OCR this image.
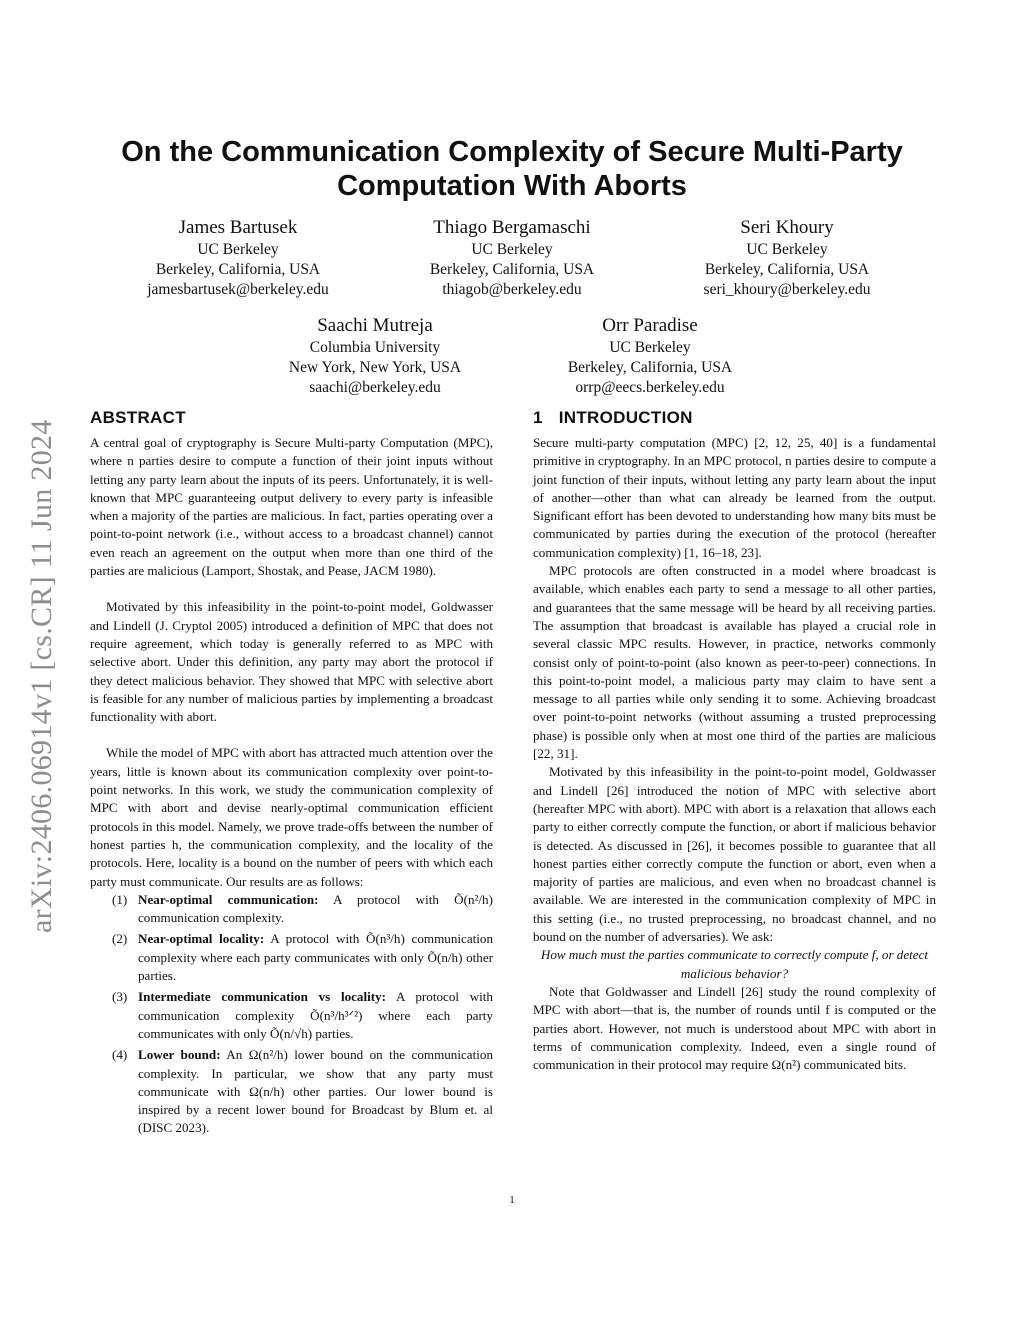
arXiv:2406.06914v1 [cs.CR] 11 Jun 2024
On the Communication Complexity of Secure Multi-Party Computation With Aborts
James Bartusek
UC Berkeley
Berkeley, California, USA
jamesbartusek@berkeley.edu
Thiago Bergamaschi
UC Berkeley
Berkeley, California, USA
thiagob@berkeley.edu
Seri Khoury
UC Berkeley
Berkeley, California, USA
seri_khoury@berkeley.edu
Saachi Mutreja
Columbia University
New York, New York, USA
saachi@berkeley.edu
Orr Paradise
UC Berkeley
Berkeley, California, USA
orrp@eecs.berkeley.edu
ABSTRACT	1 INTRODUCTION

A central goal of cryptography is Secure Multi-party Computation (MPC), where n parties desire to compute a function of their joint inputs without letting any party learn about the inputs of its peers. Unfortunately, it is well-known that MPC guaranteeing output delivery to every party is infeasible when a majority of the parties are malicious. In fact, parties operating over a point-to-point network (i.e., without access to a broadcast channel) cannot even reach an agreement on the output when more than one third of the parties are malicious (Lamport, Shostak, and Pease, JACM 1980).

Motivated by this infeasibility in the point-to-point model, Goldwasser and Lindell (J. Cryptol 2005) introduced a definition of MPC that does not require agreement, which today is generally referred to as MPC with selective abort. Under this definition, any party may abort the protocol if they detect malicious behavior. They showed that MPC with selective abort is feasible for any number of malicious parties by implementing a broadcast functionality with abort.

While the model of MPC with abort has attracted much attention over the years, little is known about its communication complexity over point-to-point networks. In this work, we study the communication complexity of MPC with abort and devise nearly-optimal communication efficient protocols in this model. Namely, we prove trade-offs between the number of honest parties h, the communication complexity, and the locality of the protocols. Here, locality is a bound on the number of peers with which each party must communicate. Our results are as follows:

(1) Near-optimal communication: A protocol with Õ(n²/h) communication complexity.
(2) Near-optimal locality: A protocol with Õ(n³/h) communication complexity where each party communicates with only Õ(n/h) other parties.
(3) Intermediate communication vs locality: A protocol with communication complexity Õ(n³/h³ᐟ²) where each party communicates with only Õ(n/√h) parties.
(4) Lower bound: An Ω(n²/h) lower bound on the communication complexity. In particular, we show that any party must communicate with Ω(n/h) other parties. Our lower bound is inspired by a recent lower bound for Broadcast by Blum et. al (DISC 2023).

Secure multi-party computation (MPC) [2, 12, 25, 40] is a fundamental primitive in cryptography. In an MPC protocol, n parties desire to compute a joint function of their inputs, without letting any party learn about the input of another—other than what can already be learned from the output. Significant effort has been devoted to understanding how many bits must be communicated by parties during the execution of the protocol (hereafter communication complexity) [1, 16–18, 23].

MPC protocols are often constructed in a model where broadcast is available, which enables each party to send a message to all other parties, and guarantees that the same message will be heard by all receiving parties. The assumption that broadcast is available has played a crucial role in several classic MPC results. However, in practice, networks commonly consist only of point-to-point (also known as peer-to-peer) connections. In this point-to-point model, a malicious party may claim to have sent a message to all parties while only sending it to some. Achieving broadcast over point-to-point networks (without assuming a trusted preprocessing phase) is possible only when at most one third of the parties are malicious [22, 31].

Motivated by this infeasibility in the point-to-point model, Goldwasser and Lindell [26] introduced the notion of MPC with selective abort (hereafter MPC with abort). MPC with abort is a relaxation that allows each party to either correctly compute the function, or abort if malicious behavior is detected. As discussed in [26], it becomes possible to guarantee that all honest parties either correctly compute the function or abort, even when a majority of parties are malicious, and even when no broadcast channel is available. We are interested in the communication complexity of MPC in this setting (i.e., no trusted preprocessing, no broadcast channel, and no bound on the number of adversaries). We ask:

How much must the parties communicate to correctly compute f, or detect malicious behavior?

Note that Goldwasser and Lindell [26] study the round complexity of MPC with abort—that is, the number of rounds until f is computed or the parties abort. However, not much is understood about MPC with abort in terms of communication complexity. Indeed, even a single round of communication in their protocol may require Ω(n²) communicated bits.

1
